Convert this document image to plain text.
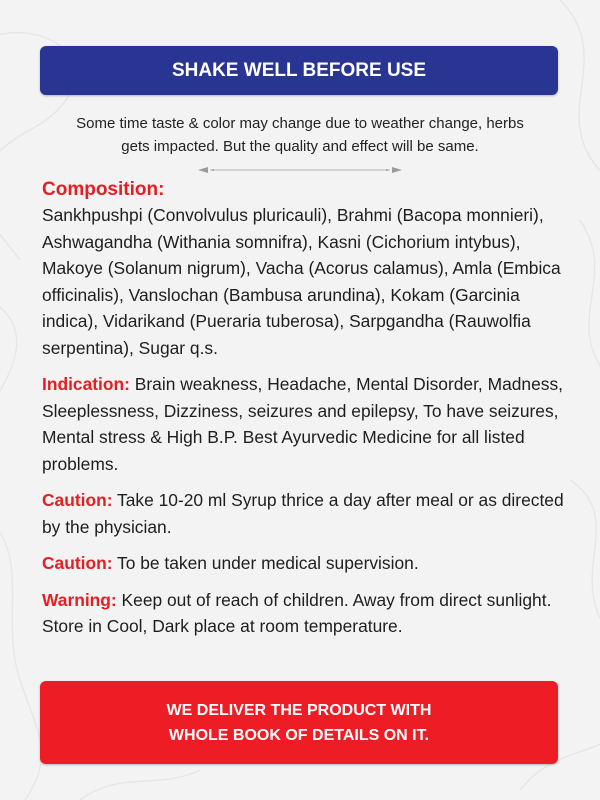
SHAKE WELL BEFORE USE
Some time taste & color may change due to weather change, herbs
gets impacted. But the quality and effect will be same.
Composition:

Sankhpushpi (Convolvulus pluricauli), Brahmi (Bacopa monnieri), Ashwagandha (Withania somnifra), Kasni (Cichorium intybus), Makoye (Solanum nigrum), Vacha (Acorus calamus), Amla (Embica officinalis), Vanslochan (Bambusa arundina), Kokam (Garcinia indica), Vidarikand (Pueraria tuberosa), Sarpgandha (Rauwolfia serpentina), Sugar q.s.

Indication: Brain weakness, Headache, Mental Disorder, Madness, Sleeplessness, Dizziness, seizures and epilepsy, To have seizures, Mental stress & High B.P. Best Ayurvedic Medicine for all listed problems.

Caution: Take 10-20 ml Syrup thrice a day after meal or as directed by the physician.

Caution: To be taken under medical supervision.

Warning: Keep out of reach of children. Away from direct sunlight. Store in Cool, Dark place at room temperature.

WE DELIVER THE PRODUCT WITH
WHOLE BOOK OF DETAILS ON IT.
